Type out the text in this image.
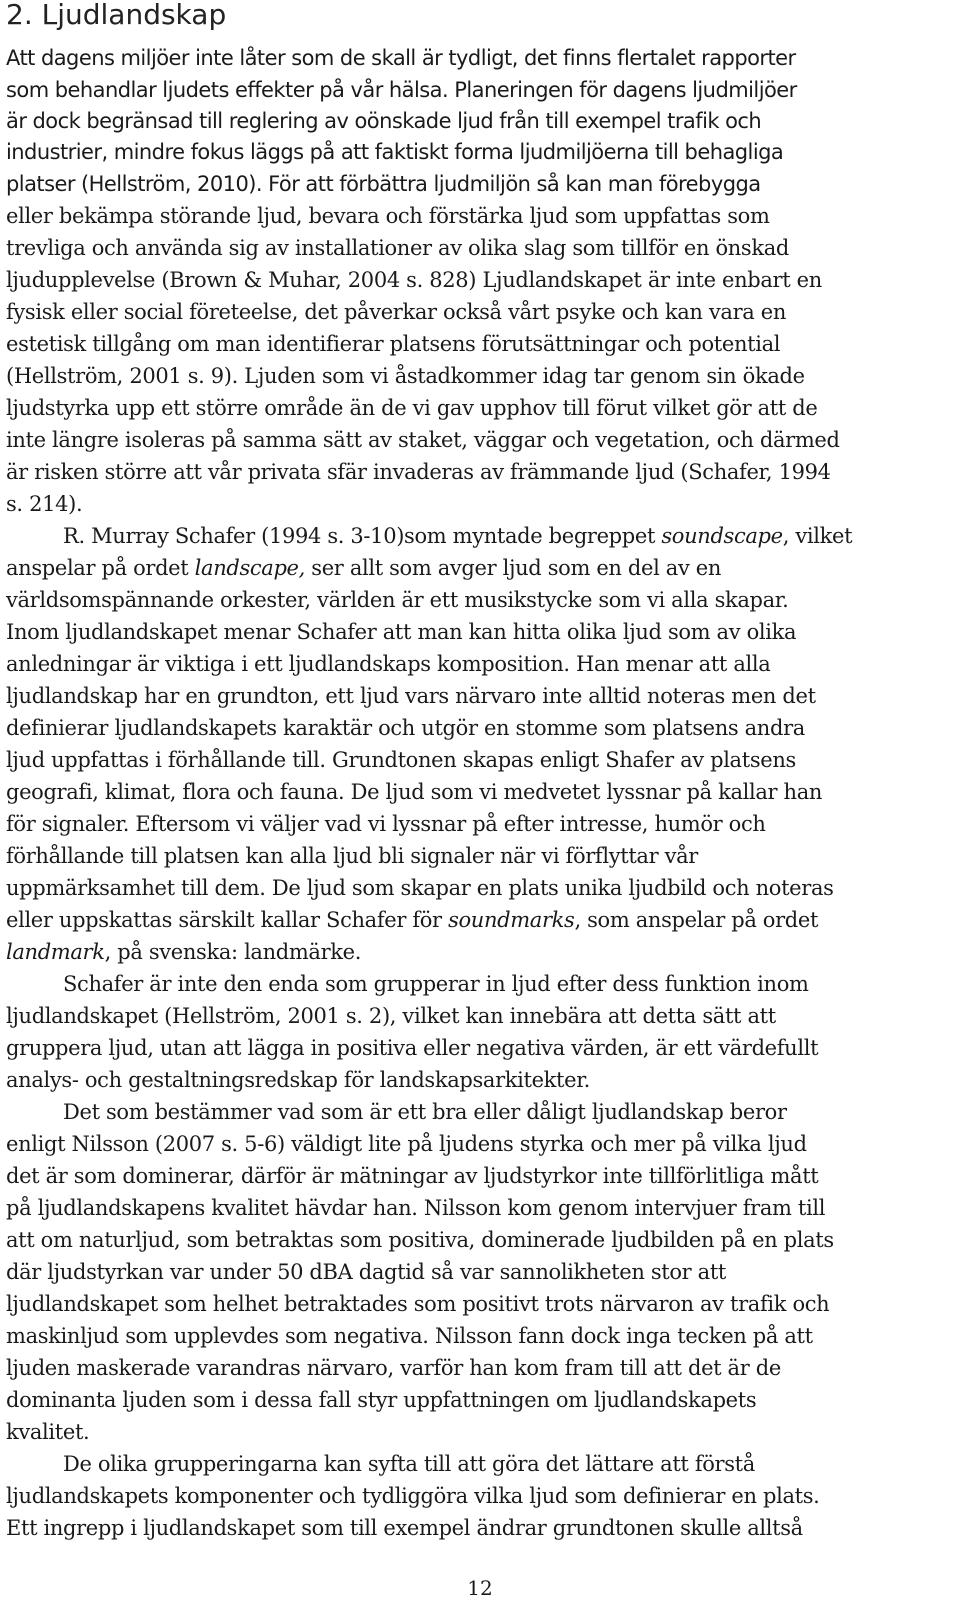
2. Ljudlandskap
Att dagens miljöer inte låter som de skall är tydligt, det finns flertalet rapporter
som behandlar ljudets effekter på vår hälsa. Planeringen för dagens ljudmiljöer
är dock begränsad till reglering av oönskade ljud från till exempel trafik och
industrier, mindre fokus läggs på att faktiskt forma ljudmiljöerna till behagliga
platser (Hellström, 2010). För att förbättra ljudmiljön så kan man förebygga
eller bekämpa störande ljud, bevara och förstärka ljud som uppfattas som
trevliga och använda sig av installationer av olika slag som tillför en önskad
ljudupplevelse (Brown & Muhar, 2004 s. 828) Ljudlandskapet är inte enbart en
fysisk eller social företeelse, det påverkar också vårt psyke och kan vara en
estetisk tillgång om man identifierar platsens förutsättningar och potential
(Hellström, 2001 s. 9). Ljuden som vi åstadkommer idag tar genom sin ökade
ljudstyrka upp ett större område än de vi gav upphov till förut vilket gör att de
inte längre isoleras på samma sätt av staket, väggar och vegetation, och därmed
är risken större att vår privata sfär invaderas av främmande ljud (Schafer, 1994
s. 214).
R. Murray Schafer (1994 s. 3-10)som myntade begreppet soundscape, vilket
anspelar på ordet landscape, ser allt som avger ljud som en del av en
världsomspännande orkester, världen är ett musikstycke som vi alla skapar.
Inom ljudlandskapet menar Schafer att man kan hitta olika ljud som av olika
anledningar är viktiga i ett ljudlandskaps komposition. Han menar att alla
ljudlandskap har en grundton, ett ljud vars närvaro inte alltid noteras men det
definierar ljudlandskapets karaktär och utgör en stomme som platsens andra
ljud uppfattas i förhållande till. Grundtonen skapas enligt Shafer av platsens
geografi, klimat, flora och fauna. De ljud som vi medvetet lyssnar på kallar han
för signaler. Eftersom vi väljer vad vi lyssnar på efter intresse, humör och
förhållande till platsen kan alla ljud bli signaler när vi förflyttar vår
uppmärksamhet till dem. De ljud som skapar en plats unika ljudbild och noteras
eller uppskattas särskilt kallar Schafer för soundmarks, som anspelar på ordet
landmark, på svenska: landmärke.
Schafer är inte den enda som grupperar in ljud efter dess funktion inom
ljudlandskapet (Hellström, 2001 s. 2), vilket kan innebära att detta sätt att
gruppera ljud, utan att lägga in positiva eller negativa värden, är ett värdefullt
analys- och gestaltningsredskap för landskapsarkitekter.
Det som bestämmer vad som är ett bra eller dåligt ljudlandskap beror
enligt Nilsson (2007 s. 5-6) väldigt lite på ljudens styrka och mer på vilka ljud
det är som dominerar, därför är mätningar av ljudstyrkor inte tillförlitliga mått
på ljudlandskapens kvalitet hävdar han. Nilsson kom genom intervjuer fram till
att om naturljud, som betraktas som positiva, dominerade ljudbilden på en plats
där ljudstyrkan var under 50 dBA dagtid så var sannolikheten stor att
ljudlandskapet som helhet betraktades som positivt trots närvaron av trafik och
maskinljud som upplevdes som negativa. Nilsson fann dock inga tecken på att
ljuden maskerade varandras närvaro, varför han kom fram till att det är de
dominanta ljuden som i dessa fall styr uppfattningen om ljudlandskapets
kvalitet.
De olika grupperingarna kan syfta till att göra det lättare att förstå
ljudlandskapets komponenter och tydliggöra vilka ljud som definierar en plats.
Ett ingrepp i ljudlandskapet som till exempel ändrar grundtonen skulle alltså
12
